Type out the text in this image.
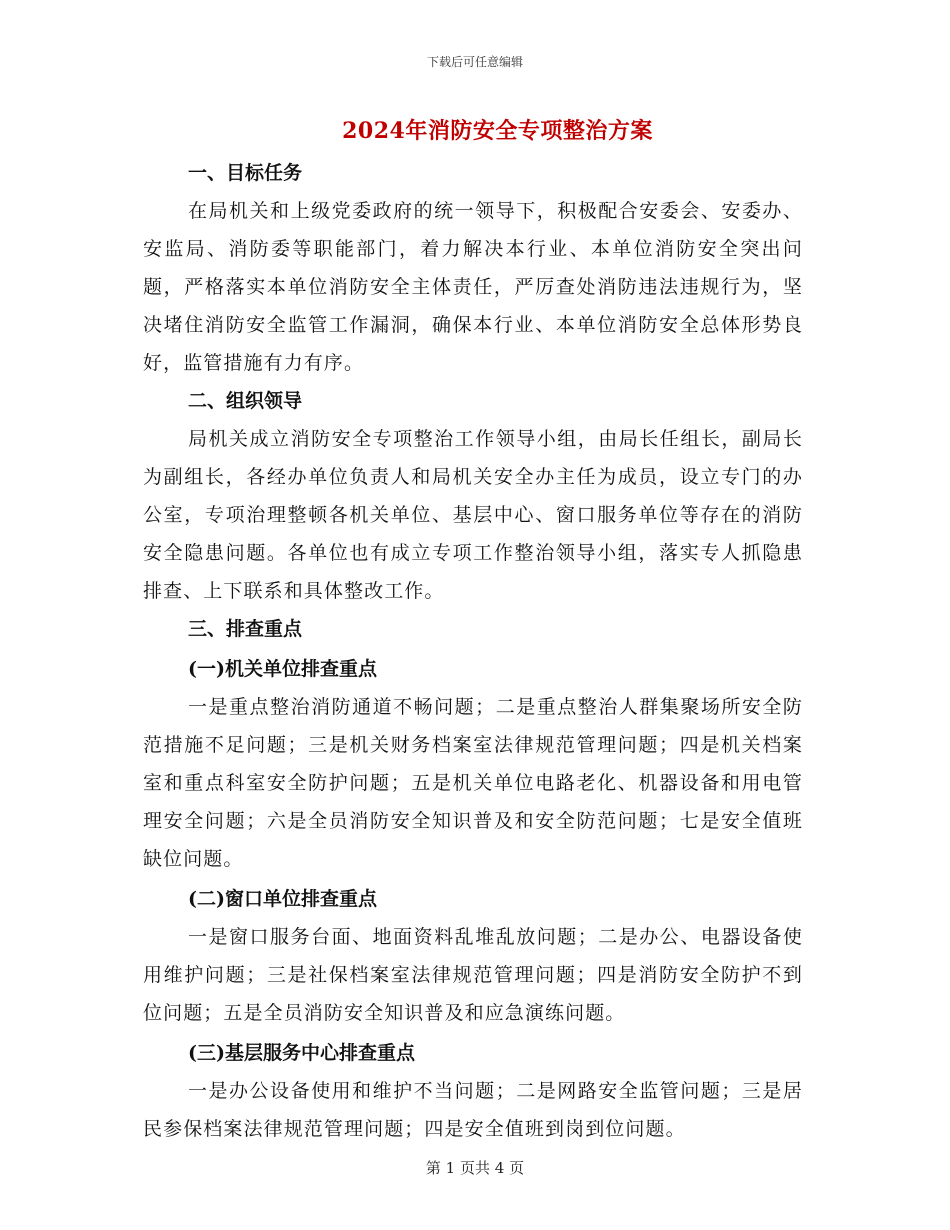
下载后可任意编辑
2024年消防安全专项整治方案

一、目标任务

在局机关和上级党委政府的统一领导下，积极配合安委会、安委办、安监局、消防委等职能部门，着力解决本行业、本单位消防安全突出问题，严格落实本单位消防安全主体责任，严厉查处消防违法违规行为，坚决堵住消防安全监管工作漏洞，确保本行业、本单位消防安全总体形势良好，监管措施有力有序。

二、组织领导

局机关成立消防安全专项整治工作领导小组，由局长任组长，副局长为副组长，各经办单位负责人和局机关安全办主任为成员，设立专门的办公室，专项治理整顿各机关单位、基层中心、窗口服务单位等存在的消防安全隐患问题。各单位也有成立专项工作整治领导小组，落实专人抓隐患排查、上下联系和具体整改工作。

三、排查重点

(一)机关单位排查重点

一是重点整治消防通道不畅问题；二是重点整治人群集聚场所安全防范措施不足问题；三是机关财务档案室法律规范管理问题；四是机关档案室和重点科室安全防护问题；五是机关单位电路老化、机器设备和用电管理安全问题；六是全员消防安全知识普及和安全防范问题；七是安全值班缺位问题。

(二)窗口单位排查重点

一是窗口服务台面、地面资料乱堆乱放问题；二是办公、电器设备使用维护问题；三是社保档案室法律规范管理问题；四是消防安全防护不到位问题；五是全员消防安全知识普及和应急演练问题。

(三)基层服务中心排查重点

一是办公设备使用和维护不当问题；二是网路安全监管问题；三是居民参保档案法律规范管理问题；四是安全值班到岗到位问题。

第 1 页共 4 页
